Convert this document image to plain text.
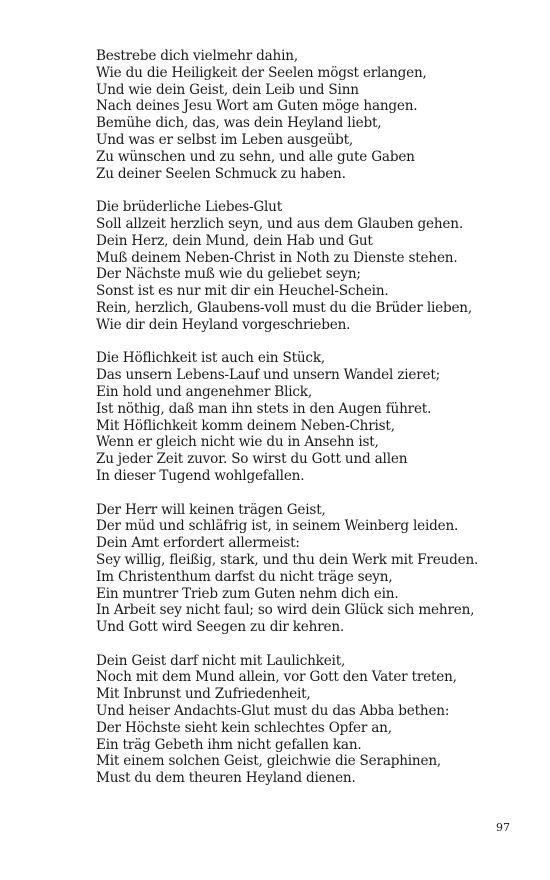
Bestrebe dich vielmehr dahin,
Wie du die Heiligkeit der Seelen mögst erlangen,
Und wie dein Geist, dein Leib und Sinn
Nach deines Jesu Wort am Guten möge hangen.
Bemühe dich, das, was dein Heyland liebt,
Und was er selbst im Leben ausgeübt,
Zu wünschen und zu sehn, und alle gute Gaben
Zu deiner Seelen Schmuck zu haben.
Die brüderliche Liebes-Glut
Soll allzeit herzlich seyn, und aus dem Glauben gehen.
Dein Herz, dein Mund, dein Hab und Gut
Muß deinem Neben-Christ in Noth zu Dienste stehen.
Der Nächste muß wie du geliebet seyn;
Sonst ist es nur mit dir ein Heuchel-Schein.
Rein, herzlich, Glaubens-voll must du die Brüder lieben,
Wie dir dein Heyland vorgeschrieben.
Die Höflichkeit ist auch ein Stück,
Das unsern Lebens-Lauf und unsern Wandel zieret;
Ein hold und angenehmer Blick,
Ist nöthig, daß man ihn stets in den Augen führet.
Mit Höflichkeit komm deinem Neben-Christ,
Wenn er gleich nicht wie du in Ansehn ist,
Zu jeder Zeit zuvor. So wirst du Gott und allen
In dieser Tugend wohlgefallen.
Der Herr will keinen trägen Geist,
Der müd und schläfrig ist, in seinem Weinberg leiden.
Dein Amt erfordert allermeist:
Sey willig, fleißig, stark, und thu dein Werk mit Freuden.
Im Christenthum darfst du nicht träge seyn,
Ein muntrer Trieb zum Guten nehm dich ein.
In Arbeit sey nicht faul; so wird dein Glück sich mehren,
Und Gott wird Seegen zu dir kehren.
Dein Geist darf nicht mit Laulichkeit,
Noch mit dem Mund allein, vor Gott den Vater treten,
Mit Inbrunst und Zufriedenheit,
Und heiser Andachts-Glut must du das Abba bethen:
Der Höchste sieht kein schlechtes Opfer an,
Ein träg Gebeth ihm nicht gefallen kan.
Mit einem solchen Geist, gleichwie die Seraphinen,
Must du dem theuren Heyland dienen.
97
